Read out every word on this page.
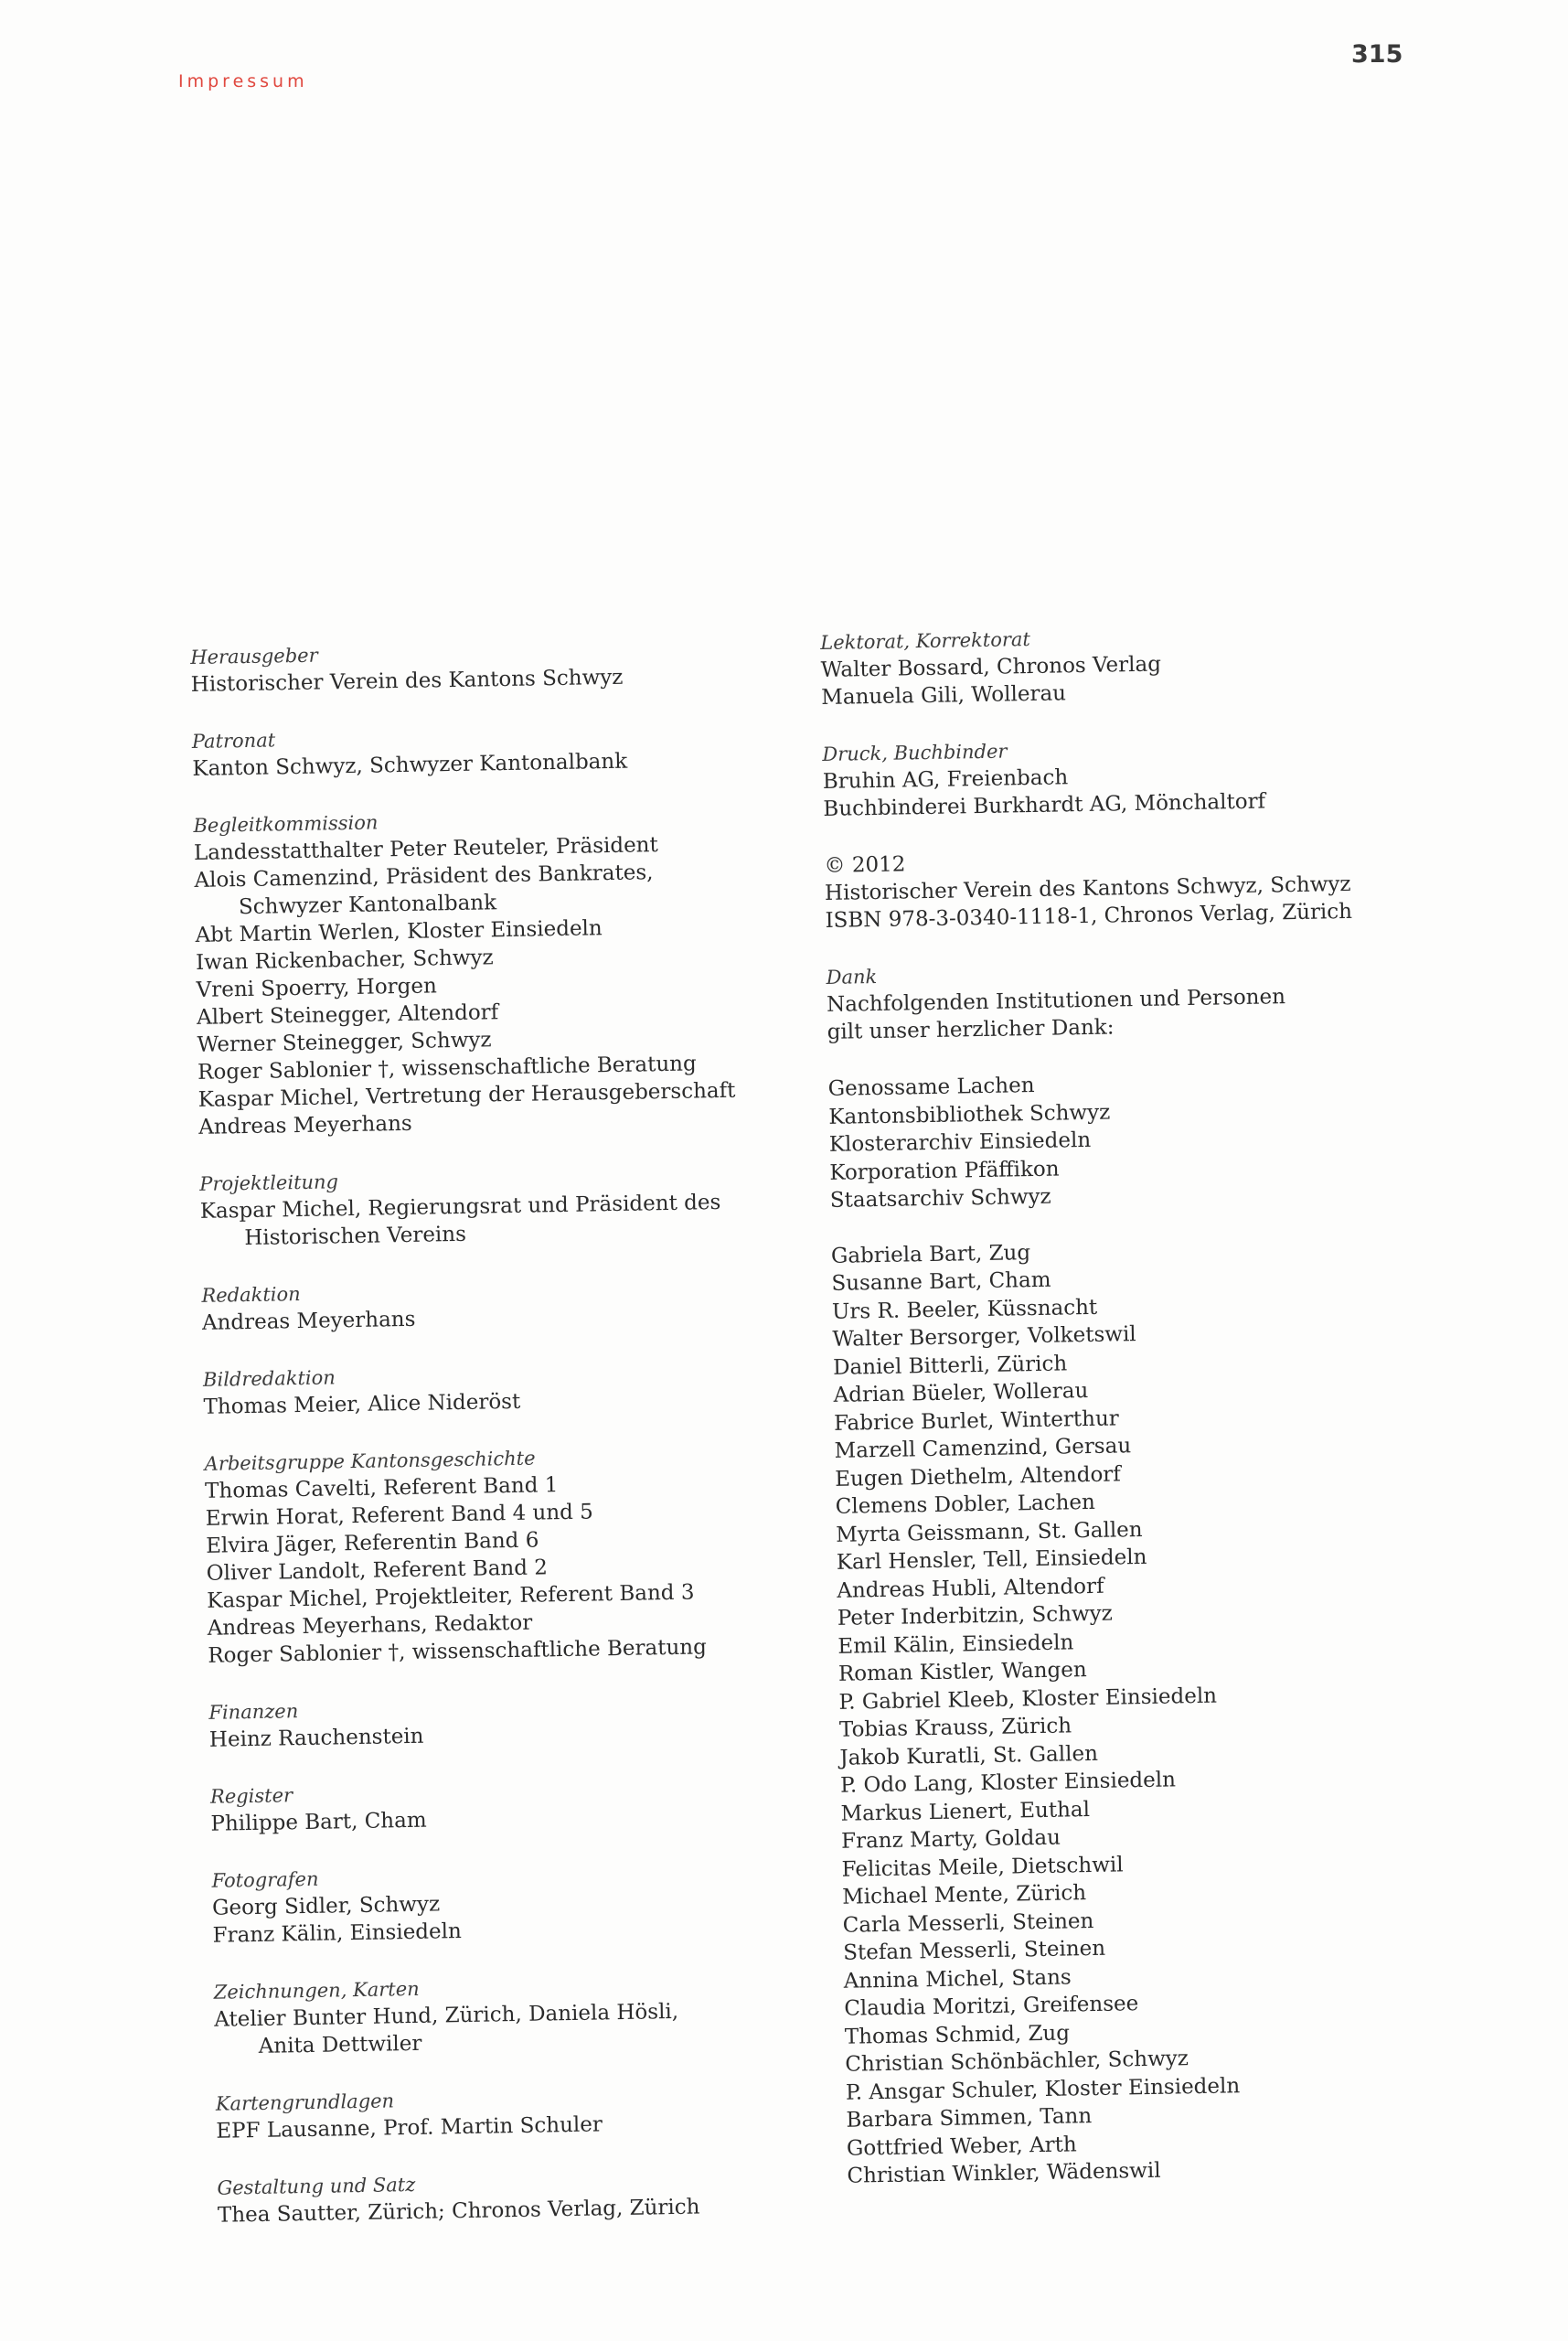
Impressum
315
Herausgeber
Historischer Verein des Kantons Schwyz
Patronat
Kanton Schwyz, Schwyzer Kantonalbank
Begleitkommission
Landesstatthalter Peter Reuteler, Präsident
Alois Camenzind, Präsident des Bankrates,
Schwyzer Kantonalbank
Abt Martin Werlen, Kloster Einsiedeln
Iwan Rickenbacher, Schwyz
Vreni Spoerry, Horgen
Albert Steinegger, Altendorf
Werner Steinegger, Schwyz
Roger Sablonier †, wissenschaftliche Beratung
Kaspar Michel, Vertretung der Herausgeberschaft
Andreas Meyerhans
Projektleitung
Kaspar Michel, Regierungsrat und Präsident des
Historischen Vereins
Redaktion
Andreas Meyerhans
Bildredaktion
Thomas Meier, Alice Nideröst
Arbeitsgruppe Kantonsgeschichte
Thomas Cavelti, Referent Band 1
Erwin Horat, Referent Band 4 und 5
Elvira Jäger, Referentin Band 6
Oliver Landolt, Referent Band 2
Kaspar Michel, Projektleiter, Referent Band 3
Andreas Meyerhans, Redaktor
Roger Sablonier †, wissenschaftliche Beratung
Finanzen
Heinz Rauchenstein
Register
Philippe Bart, Cham
Fotografen
Georg Sidler, Schwyz
Franz Kälin, Einsiedeln
Zeichnungen, Karten
Atelier Bunter Hund, Zürich, Daniela Hösli,
Anita Dettwiler
Kartengrundlagen
EPF Lausanne, Prof. Martin Schuler
Gestaltung und Satz
Thea Sautter, Zürich; Chronos Verlag, Zürich
Lektorat, Korrektorat
Walter Bossard, Chronos Verlag
Manuela Gili, Wollerau
Druck, Buchbinder
Bruhin AG, Freienbach
Buchbinderei Burkhardt AG, Mönchaltorf
© 2012
Historischer Verein des Kantons Schwyz, Schwyz
ISBN 978-3-0340-1118-1, Chronos Verlag, Zürich
Dank
Nachfolgenden Institutionen und Personen
gilt unser herzlicher Dank:
Genossame Lachen
Kantonsbibliothek Schwyz
Klosterarchiv Einsiedeln
Korporation Pfäffikon
Staatsarchiv Schwyz
Gabriela Bart, Zug
Susanne Bart, Cham
Urs R. Beeler, Küssnacht
Walter Bersorger, Volketswil
Daniel Bitterli, Zürich
Adrian Büeler, Wollerau
Fabrice Burlet, Winterthur
Marzell Camenzind, Gersau
Eugen Diethelm, Altendorf
Clemens Dobler, Lachen
Myrta Geissmann, St. Gallen
Karl Hensler, Tell, Einsiedeln
Andreas Hubli, Altendorf
Peter Inderbitzin, Schwyz
Emil Kälin, Einsiedeln
Roman Kistler, Wangen
P. Gabriel Kleeb, Kloster Einsiedeln
Tobias Krauss, Zürich
Jakob Kuratli, St. Gallen
P. Odo Lang, Kloster Einsiedeln
Markus Lienert, Euthal
Franz Marty, Goldau
Felicitas Meile, Dietschwil
Michael Mente, Zürich
Carla Messerli, Steinen
Stefan Messerli, Steinen
Annina Michel, Stans
Claudia Moritzi, Greifensee
Thomas Schmid, Zug
Christian Schönbächler, Schwyz
P. Ansgar Schuler, Kloster Einsiedeln
Barbara Simmen, Tann
Gottfried Weber, Arth
Christian Winkler, Wädenswil
